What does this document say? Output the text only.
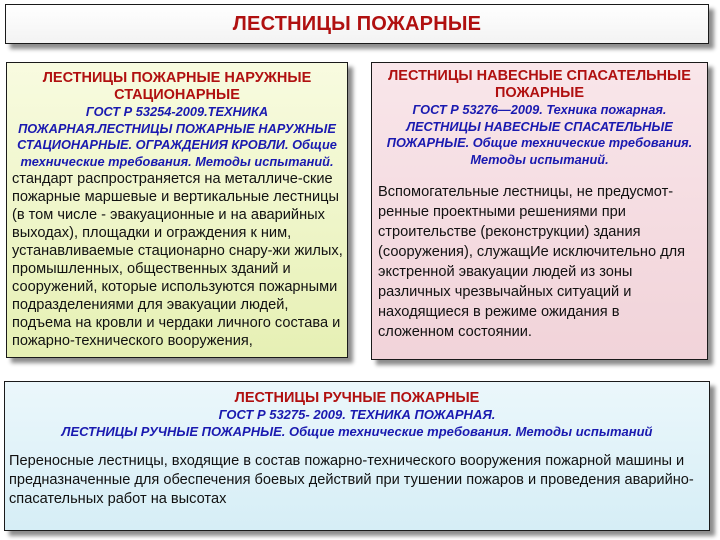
ЛЕСТНИЦЫ ПОЖАРНЫЕ

ЛЕСТНИЦЫ ПОЖАРНЫЕ НАРУЖНЫЕ СТАЦИОНАРНЫЕ

ГОСТ Р 53254-2009.ТЕХНИКА ПОЖАРНАЯ.ЛЕСТНИЦЫ ПОЖАРНЫЕ НАРУЖНЫЕ СТАЦИОНАРНЫЕ. ОГРАЖДЕНИЯ КРОВЛИ. Общие технические требования. Методы испытаний.

стандарт распространяется на металличе-ские пожарные маршевые и вертикальные лестницы (в том числе - эвакуационные и на аварийных выходах), площадки и ограждения к ним, устанавливаемые стационарно снару-жи жилых, промышленных, общественных зданий и сооружений, которые используются пожарными подразделениями для эвакуации людей, подъема на кровли и чердаки личного состава и пожарно-технического вооружения,

ЛЕСТНИЦЫ НАВЕСНЫЕ СПАСАТЕЛЬНЫЕ ПОЖАРНЫЕ

ГОСТ Р 53276—2009. Техника пожарная. ЛЕСТНИЦЫ НАВЕСНЫЕ СПАСАТЕЛЬНЫЕ ПОЖАРНЫЕ. Общие технические требования. Методы испытаний.

Вспомогательные лестницы, не предусмот-ренные проектными решениями при строительстве (реконструкции) здания (сооружения), служащИе исключительно для экстренной эвакуации людей из зоны различных чрезвычайных ситуаций и находящиеся в режиме ожидания в сложенном состоянии.

ЛЕСТНИЦЫ РУЧНЫЕ ПОЖАРНЫЕ

ГОСТ Р 53275- 2009. ТЕХНИКА ПОЖАРНАЯ.

ЛЕСТНИЦЫ РУЧНЫЕ ПОЖАРНЫЕ. Общие технические требования. Методы испытаний

Переносные лестницы, входящие в состав пожарно-технического вооружения пожарной машины и предназначенные для обеспечения боевых действий при тушении пожаров и проведения аварийно-спасательных работ на высотах
